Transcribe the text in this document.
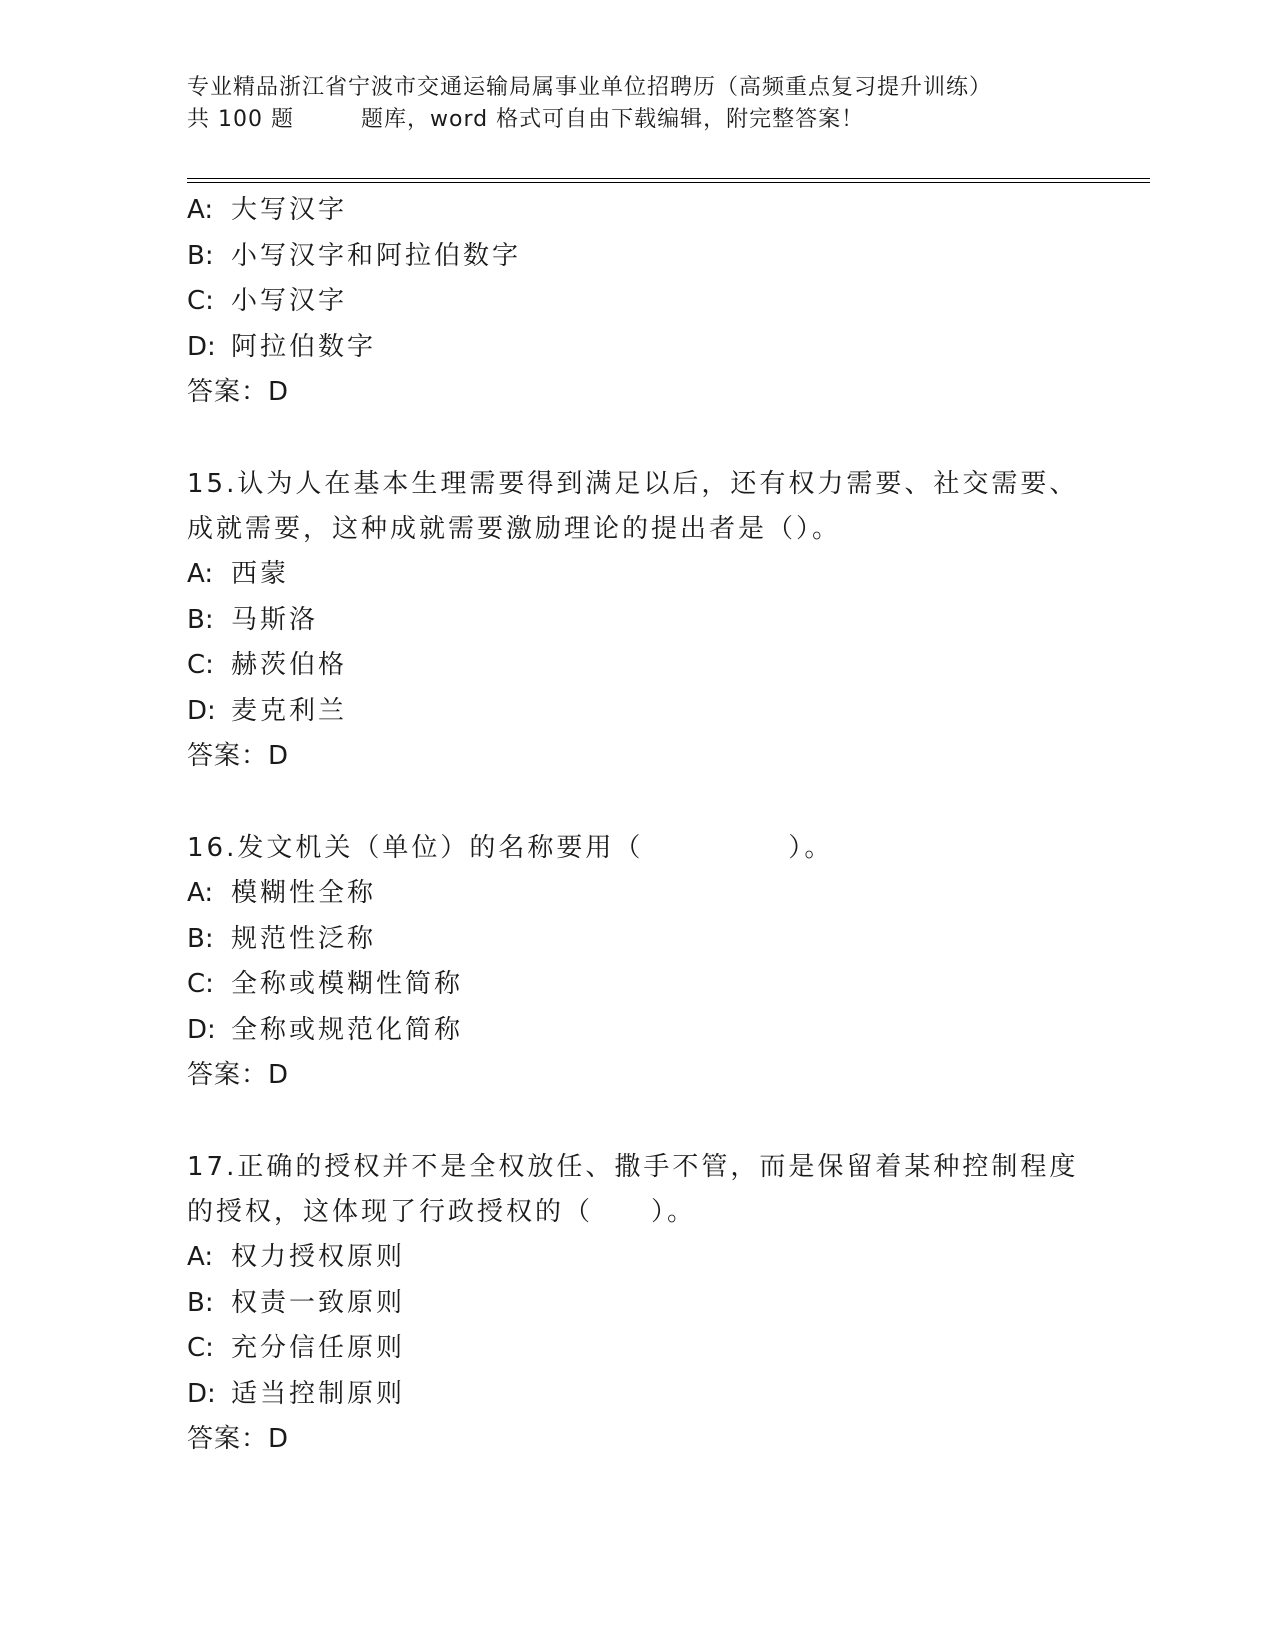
专业精品浙江省宁波市交通运输局属事业单位招聘历（高频重点复习提升训练）
共 100 题	题库，word 格式可自由下载编辑，附完整答案！

A: 大写汉字

B: 小写汉字和阿拉伯数字

C: 小写汉字

D: 阿拉伯数字

答案：D

15.认为人在基本生理需要得到满足以后，还有权力需要、社交需要、成就需要，这种成就需要激励理论的提出者是（）。

A: 西蒙

B: 马斯洛

C: 赫茨伯格

D: 麦克利兰

答案：D

16.发文机关（单位）的名称要用（　　　　　）。

A: 模糊性全称

B: 规范性泛称

C: 全称或模糊性简称

D: 全称或规范化简称

答案：D

17.正确的授权并不是全权放任、撒手不管，而是保留着某种控制程度的授权，这体现了行政授权的（　　）。

A: 权力授权原则

B: 权责一致原则

C: 充分信任原则

D: 适当控制原则

答案：D
